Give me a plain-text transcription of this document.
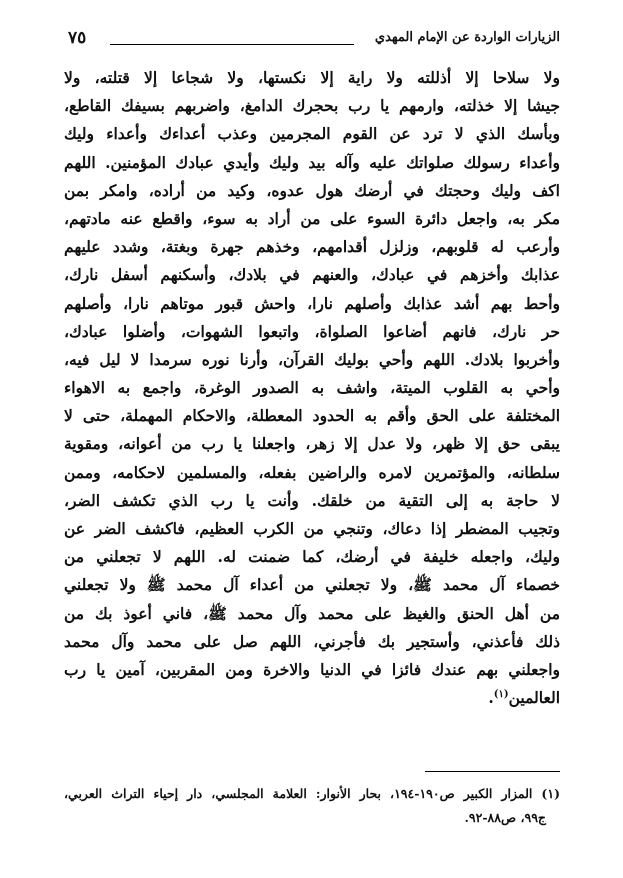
الزيارات الواردة عن الإمام المهدي
٧٥
ولا سلاحا إلا أذللته ولا راية إلا نكستها، ولا شجاعا إلا قتلته، ولا
جيشا إلا خذلته، وارمهم يا رب بحجرك الدامغ، واضربهم بسيفك القاطع،
وبأسك الذي لا ترد عن القوم المجرمين وعذب أعداءك وأعداء وليك
وأعداء رسولك صلواتك عليه وآله بيد وليك وأيدي عبادك المؤمنين. اللهم
اكف وليك وحجتك في أرضك هول عدوه، وكيد من أراده، وامكر بمن
مكر به، واجعل دائرة السوء على من أراد به سوء، واقطع عنه مادتهم،
وأرعب له قلوبهم، وزلزل أقدامهم، وخذهم جهرة وبغتة، وشدد عليهم
عذابك وأخزهم في عبادك، والعنهم في بلادك، وأسكنهم أسفل نارك،
وأحط بهم أشد عذابك وأصلهم نارا، واحش قبور موتاهم نارا، وأصلهم
حر نارك، فانهم أضاعوا الصلواة، واتبعوا الشهوات، وأضلوا عبادك،
وأخربوا بلادك. اللهم وأحي بوليك القرآن، وأرنا نوره سرمدا لا ليل فيه،
وأحي به القلوب الميتة، واشف به الصدور الوغرة، واجمع به الاهواء
المختلفة على الحق وأقم به الحدود المعطلة، والاحكام المهملة، حتى لا
يبقى حق إلا ظهر، ولا عدل إلا زهر، واجعلنا يا رب من أعوانه، ومقوية
سلطانه، والمؤتمرين لامره والراضين بفعله، والمسلمين لاحكامه، وممن
لا حاجة به إلى التقية من خلقك. وأنت يا رب الذي تكشف الضر،
وتجيب المضطر إذا دعاك، وتنجي من الكرب العظيم، فاكشف الضر عن
وليك، واجعله خليفة في أرضك، كما ضمنت له. اللهم لا تجعلني من
خصماء آل محمد ﷺ، ولا تجعلني من أعداء آل محمد ﷺ ولا تجعلني
من أهل الحنق والغيظ على محمد وآل محمد ﷺ، فاني أعوذ بك من
ذلك فأعذني، وأستجير بك فأجرني، اللهم صل على محمد وآل محمد
واجعلني بهم عندك فائزا في الدنيا والاخرة ومن المقربين، آمين يا رب
العالمين$^{(١)}$.
(١) المزار الكبير ص١٩٠-١٩٤، بحار الأنوار: العلامة المجلسي، دار إحياء التراث العربي،
ج٩٩، ص٨٨-٩٢.
